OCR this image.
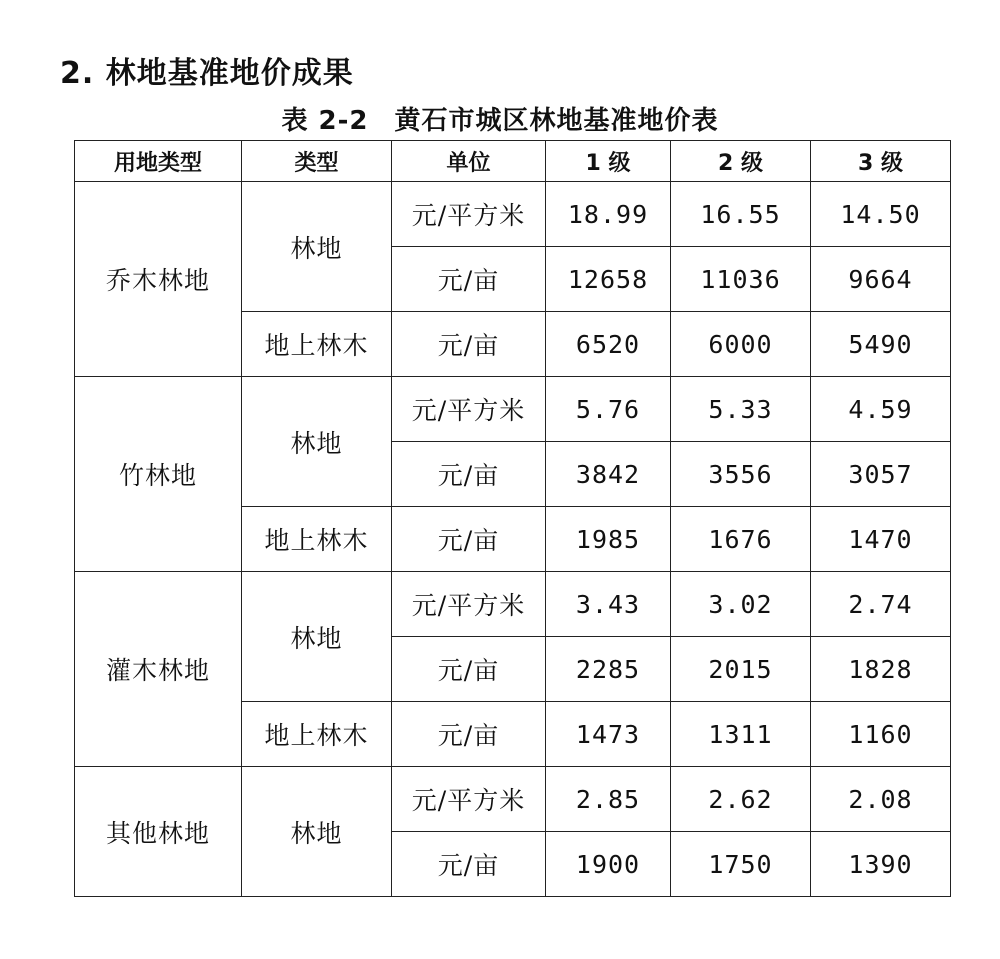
2. 林地基准地价成果
表 2-2 黄石市城区林地基准地价表
用地类型	类型	单位	1 级	2 级	3 级
乔木林地	林地	元/平方米	18.99	16.55	14.50
		元/亩	12658	11036	9664
	地上林木	元/亩	6520	6000	5490
竹林地	林地	元/平方米	5.76	5.33	4.59
		元/亩	3842	3556	3057
	地上林木	元/亩	1985	1676	1470
灌木林地	林地	元/平方米	3.43	3.02	2.74
		元/亩	2285	2015	1828
	地上林木	元/亩	1473	1311	1160
其他林地	林地	元/平方米	2.85	2.62	2.08
		元/亩	1900	1750	1390
